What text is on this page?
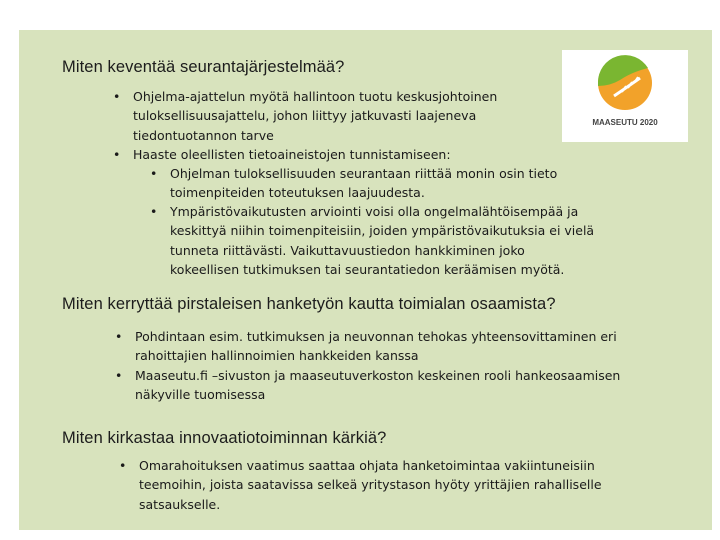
MAASEUTU 2020
Miten keventää seurantajärjestelmää?
• Ohjelma-ajattelun myötä hallintoon tuotu keskusjohtoinen
tuloksellisuusajattelu, johon liittyy jatkuvasti laajeneva
tiedontuotannon tarve
• Haaste oleellisten tietoaineistojen tunnistamiseen:
• Ohjelman tuloksellisuuden seurantaan riittää monin osin tieto
toimenpiteiden toteutuksen laajuudesta.
• Ympäristövaikutusten arviointi voisi olla ongelmalähtöisempää ja
keskittyä niihin toimenpiteisiin, joiden ympäristövaikutuksia ei vielä
tunneta riittävästi. Vaikuttavuustiedon hankkiminen joko
kokeellisen tutkimuksen tai seurantatiedon keräämisen myötä.
Miten kerryttää pirstaleisen hanketyön kautta toimialan osaamista?
• Pohdintaan esim. tutkimuksen ja neuvonnan tehokas yhteensovittaminen eri
rahoittajien hallinnoimien hankkeiden kanssa
• Maaseutu.fi –sivuston ja maaseutuverkoston keskeinen rooli hankeosaamisen
näkyville tuomisessa
Miten kirkastaa innovaatiotoiminnan kärkiä?
• Omarahoituksen vaatimus saattaa ohjata hanketoimintaa vakiintuneisiin
teemoihin, joista saatavissa selkeä yritystason hyöty yrittäjien rahalliselle
satsaukselle.
